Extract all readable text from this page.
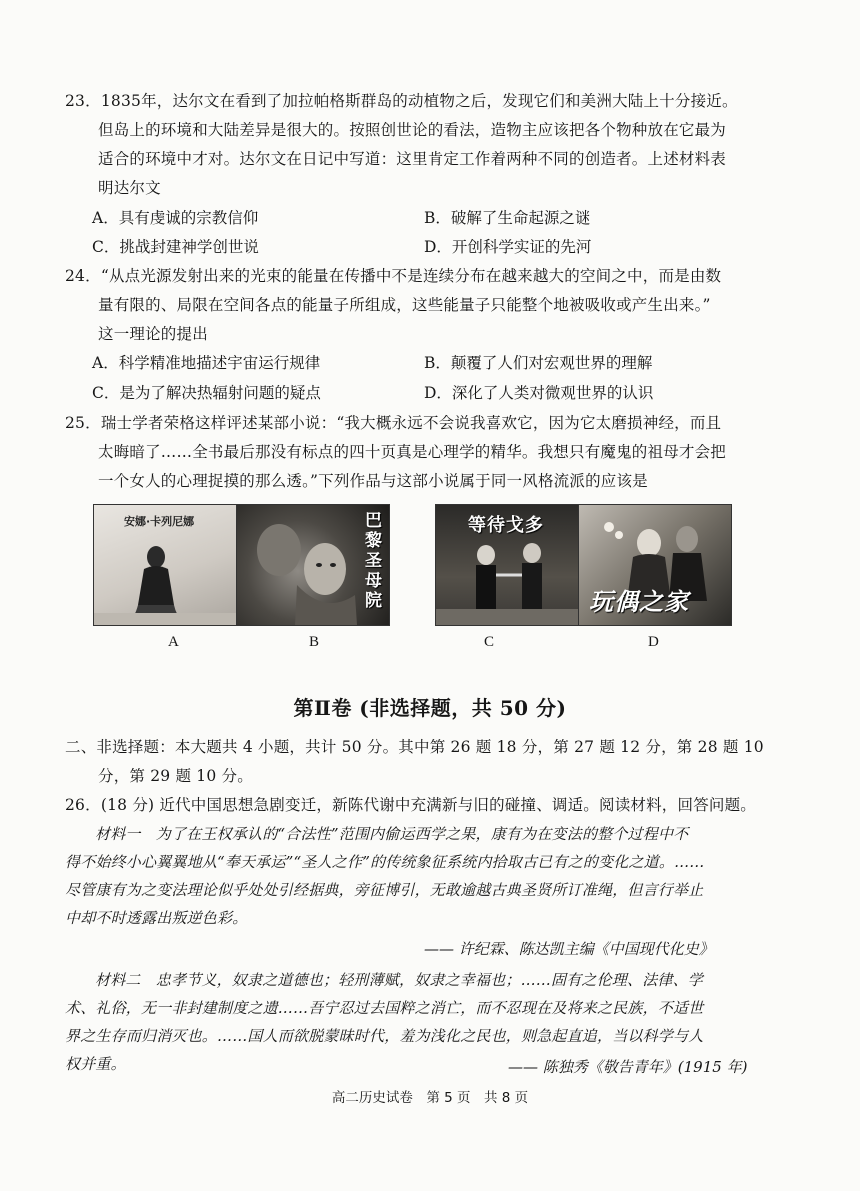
23．1835年，达尔文在看到了加拉帕格斯群岛的动植物之后，发现它们和美洲大陆上十分接近。
但岛上的环境和大陆差异是很大的。按照创世论的看法，造物主应该把各个物种放在它最为
适合的环境中才对。达尔文在日记中写道：这里肯定工作着两种不同的创造者。上述材料表
明达尔文
A．具有虔诚的宗教信仰	B．破解了生命起源之谜
C．挑战封建神学创世说	D．开创科学实证的先河
24．“从点光源发射出来的光束的能量在传播中不是连续分布在越来越大的空间之中，而是由数
量有限的、局限在空间各点的能量子所组成，这些能量子只能整个地被吸收或产生出来。”
这一理论的提出
A．科学精准地描述宇宙运行规律	B．颠覆了人们对宏观世界的理解
C．是为了解决热辐射问题的疑点	D．深化了人类对微观世界的认识
25．瑞士学者荣格这样评述某部小说：“我大概永远不会说我喜欢它，因为它太磨损神经，而且
太晦暗了……全书最后那没有标点的四十页真是心理学的精华。我想只有魔鬼的祖母才会把
一个女人的心理捉摸的那么透。”下列作品与这部小说属于同一风格流派的应该是
安娜·卡列尼娜
A
巴黎圣母院
B
等待戈多
C
玩偶之家
D
第Ⅱ卷 (非选择题，共 50 分)
二、非选择题：本大题共 4 小题，共计 50 分。其中第 26 题 18 分，第 27 题 12 分，第 28 题 10
分，第 29 题 10 分。
26．(18 分) 近代中国思想急剧变迁，新陈代谢中充满新与旧的碰撞、调适。阅读材料，回答问题。
材料一　为了在王权承认的“合法性”范围内偷运西学之果，康有为在变法的整个过程中不
得不始终小心翼翼地从“奉天承运”“圣人之作”的传统象征系统内拾取古已有之的变化之道。……
尽管康有为之变法理论似乎处处引经据典，旁征博引，无敢逾越古典圣贤所订准绳，但言行举止
中却不时透露出叛逆色彩。
—— 许纪霖、陈达凯主编《中国现代化史》
材料二　忠孝节义，奴隶之道德也；轻刑薄赋，奴隶之幸福也；……固有之伦理、法律、学
术、礼俗，无一非封建制度之遗……吾宁忍过去国粹之消亡，而不忍现在及将来之民族，不适世
界之生存而归消灭也。……国人而欲脱蒙昧时代，羞为浅化之民也，则急起直追，当以科学与人
权并重。	—— 陈独秀《敬告青年》(1915 年)
高二历史试卷　第 5 页　共 8 页
